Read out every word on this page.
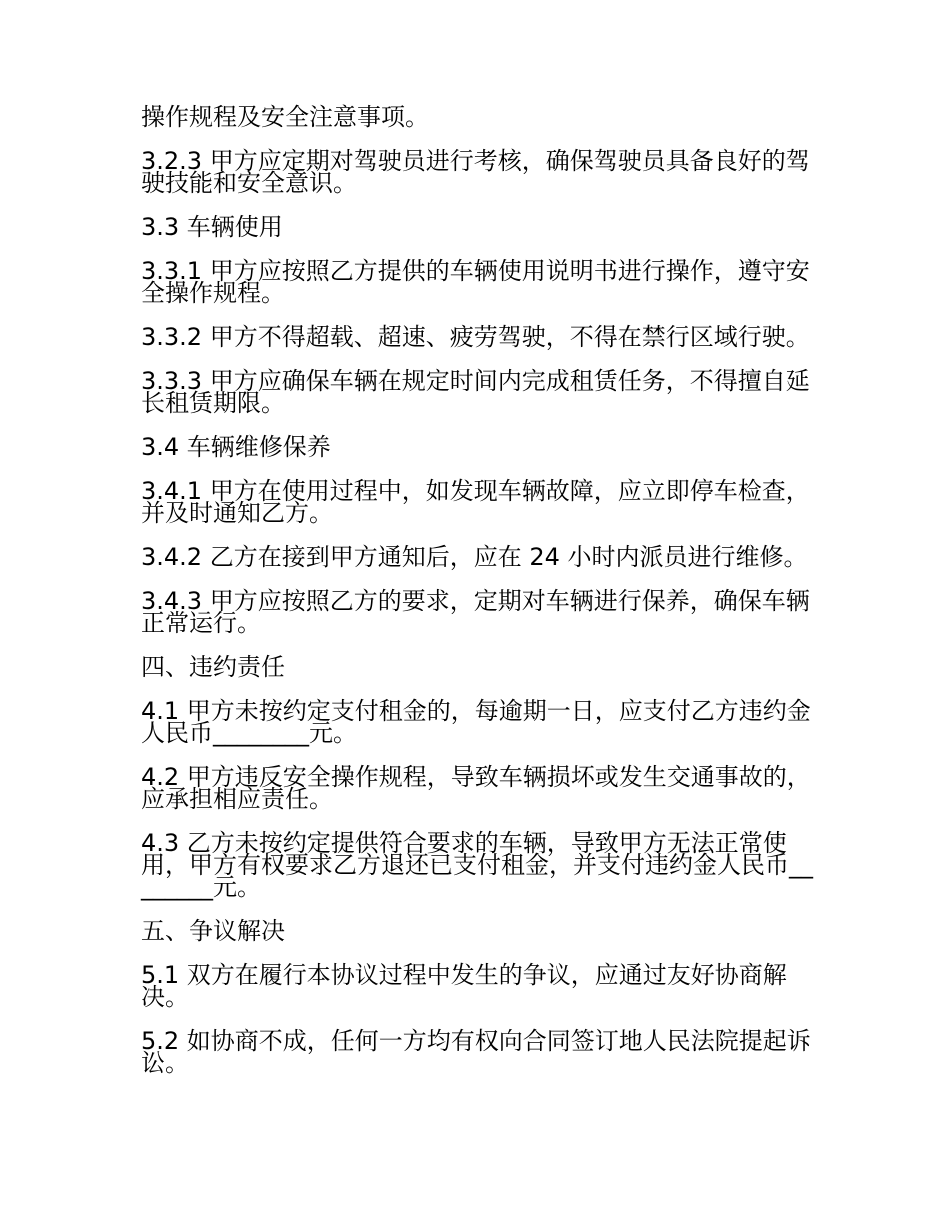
操作规程及安全注意事项。

3.2.3 甲方应定期对驾驶员进行考核，确保驾驶员具备良好的驾驶技能和安全意识。

3.3 车辆使用

3.3.1 甲方应按照乙方提供的车辆使用说明书进行操作，遵守安全操作规程。

3.3.2 甲方不得超载、超速、疲劳驾驶，不得在禁行区域行驶。

3.3.3 甲方应确保车辆在规定时间内完成租赁任务，不得擅自延长租赁期限。

3.4 车辆维修保养

3.4.1 甲方在使用过程中，如发现车辆故障，应立即停车检查，并及时通知乙方。

3.4.2 乙方在接到甲方通知后，应在 24 小时内派员进行维修。

3.4.3 甲方应按照乙方的要求，定期对车辆进行保养，确保车辆正常运行。

四、违约责任

4.1 甲方未按约定支付租金的，每逾期一日，应支付乙方违约金人民币________元。

4.2 甲方违反安全操作规程，导致车辆损坏或发生交通事故的，应承担相应责任。

4.3 乙方未按约定提供符合要求的车辆，导致甲方无法正常使用，甲方有权要求乙方退还已支付租金，并支付违约金人民币________元。

五、争议解决

5.1 双方在履行本协议过程中发生的争议，应通过友好协商解决。

5.2 如协商不成，任何一方均有权向合同签订地人民法院提起诉讼。
